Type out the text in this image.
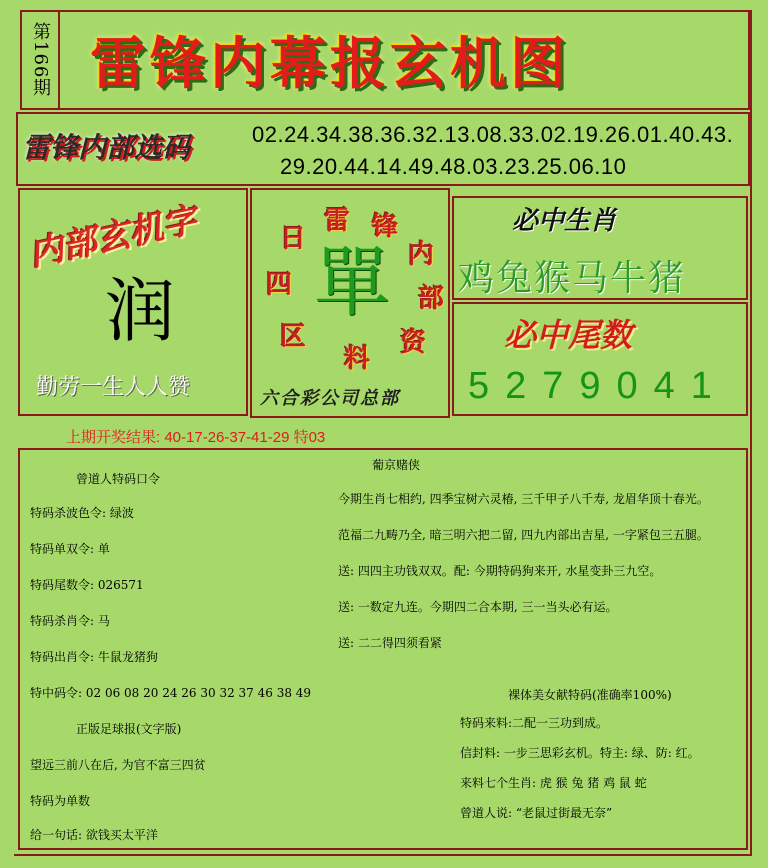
第166期 雷锋内幕报玄机图
雷锋内部选码	02.24.34.38.36.32.13.08.33.02.19.26.01.40.43.
29.20.44.14.49.48.03.23.25.06.10
内部玄机字
润
勤劳一生人人赞
雷 锋
内
部
资
料
区
四
日 單
六合彩公司总部
必中生肖
鸡兔猴马牛猪
必中尾数
5279041
上期开奖结果: 40-17-26-37-41-29 特03
曾道人特码口令
特码杀波色令: 绿波
特码单双令: 单
特码尾数令: 026571
特码杀肖令: 马
特码出肖令: 牛鼠龙猪狗
特中码令: 02 06 08 20 24 26 30 32 37 46 38 49
正版足球报(文字版)
望远三前八在后, 为官不富三四贫
特码为单数
给一句话: 欲钱买太平洋
葡京赌侠
今期生肖七相约, 四季宝树六灵椿, 三千甲子八千寿, 龙眉华顶十春光。
范福二九畴乃全, 暗三明六把二留, 四九内部出吉星, 一字紧包三五腿。
送: 四四主功钱双双。配: 今期特码狗来开, 水星变卦三九空。
送: 一数定九连。今期四二合本期, 三一当头必有运。
送: 二二得四须看紧
裸体美女献特码(准确率100%)
特码来料:二配一三功到成。
信封料: 一步三思彩玄机。特主: 绿、防: 红。
来料七个生肖: 虎 猴 兔 猪 鸡 鼠 蛇
曾道人说: “老鼠过街最无奈”
